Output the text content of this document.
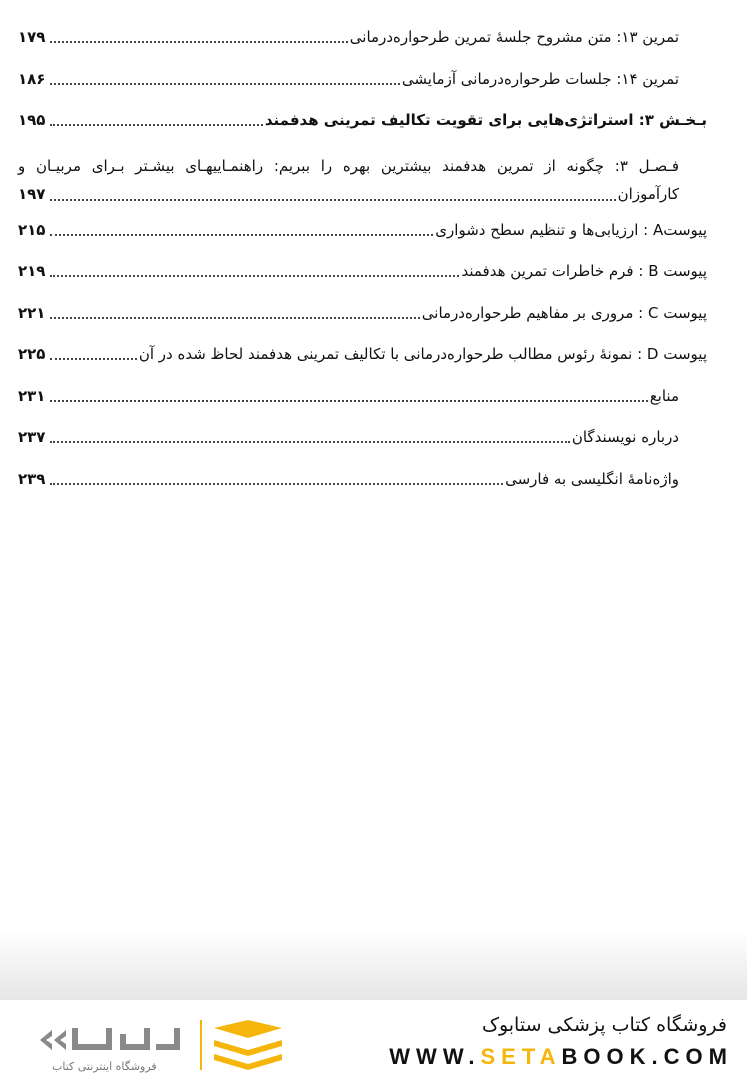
تمرین ۱۳: متن مشروح جلسهٔ تمرین طرحواره‌درمانی
۱۷۹
تمرین ۱۴: جلسات طرحواره‌درمانی آزمایشی
۱۸۶
بـخـش ۳: استراتژی‌هایی برای تقویت تکالیف تمرینی هدفمند
۱۹۵
فـصـل ۳: چگونه از تمرین هدفمند بیشترین بهره را ببریم: راهنمـاییهـای بیشـتر بـرای مربیـان و
کارآموزان
۱۹۷
پیوستA : ارزیابی‌ها و تنظیم سطح دشواری
۲۱۵
پیوست B : فرم خاطرات تمرین هدفمند
۲۱۹
پیوست C : مروری بر مفاهیم طرحواره‌درمانی
۲۲۱
پیوست D : نمونهٔ رئوس مطالب طرحواره‌درمانی با تکالیف تمرینی هدفمند لحاظ شده در آن
۲۲۵
منابع
۲۳۱
درباره نویسندگان
۲۳۷
واژه‌نامهٔ انگلیسی به فارسی
۲۳۹
فروشگاه اینترنتی کتاب
فروشگاه کتاب پزشکی ستابوک
WWW.SETABOOK.COM
